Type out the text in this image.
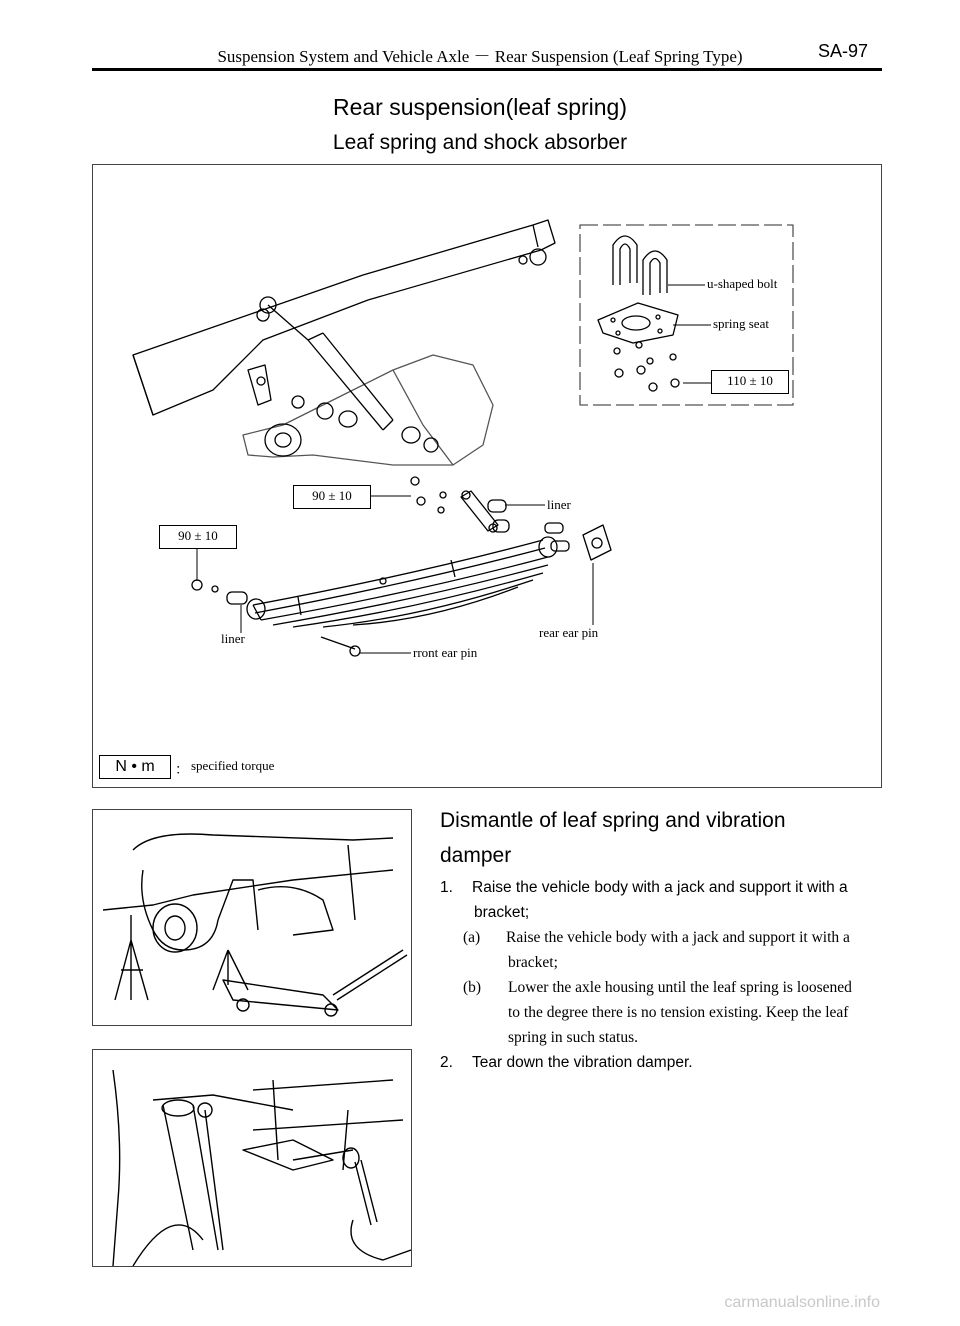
Suspension System and Vehicle Axle － Rear Suspension (Leaf Spring Type)	SA-97
Rear suspension(leaf spring)
Leaf spring and shock absorber
u-shaped bolt
spring seat
110 ± 10
90 ± 10
liner
90 ± 10
liner	rear ear pin
rront ear pin
N • m	： specified torque
Dismantle of leaf spring and vibration
damper
1. Raise the vehicle body with a jack and support it with a
bracket;
(a) Raise the vehicle body with a jack and support it with a
bracket;
(b) Lower the axle housing until the leaf spring is loosened
to the degree there is no tension existing. Keep the leaf
spring in such status.
2. Tear down the vibration damper.
carmanualsonline.info
